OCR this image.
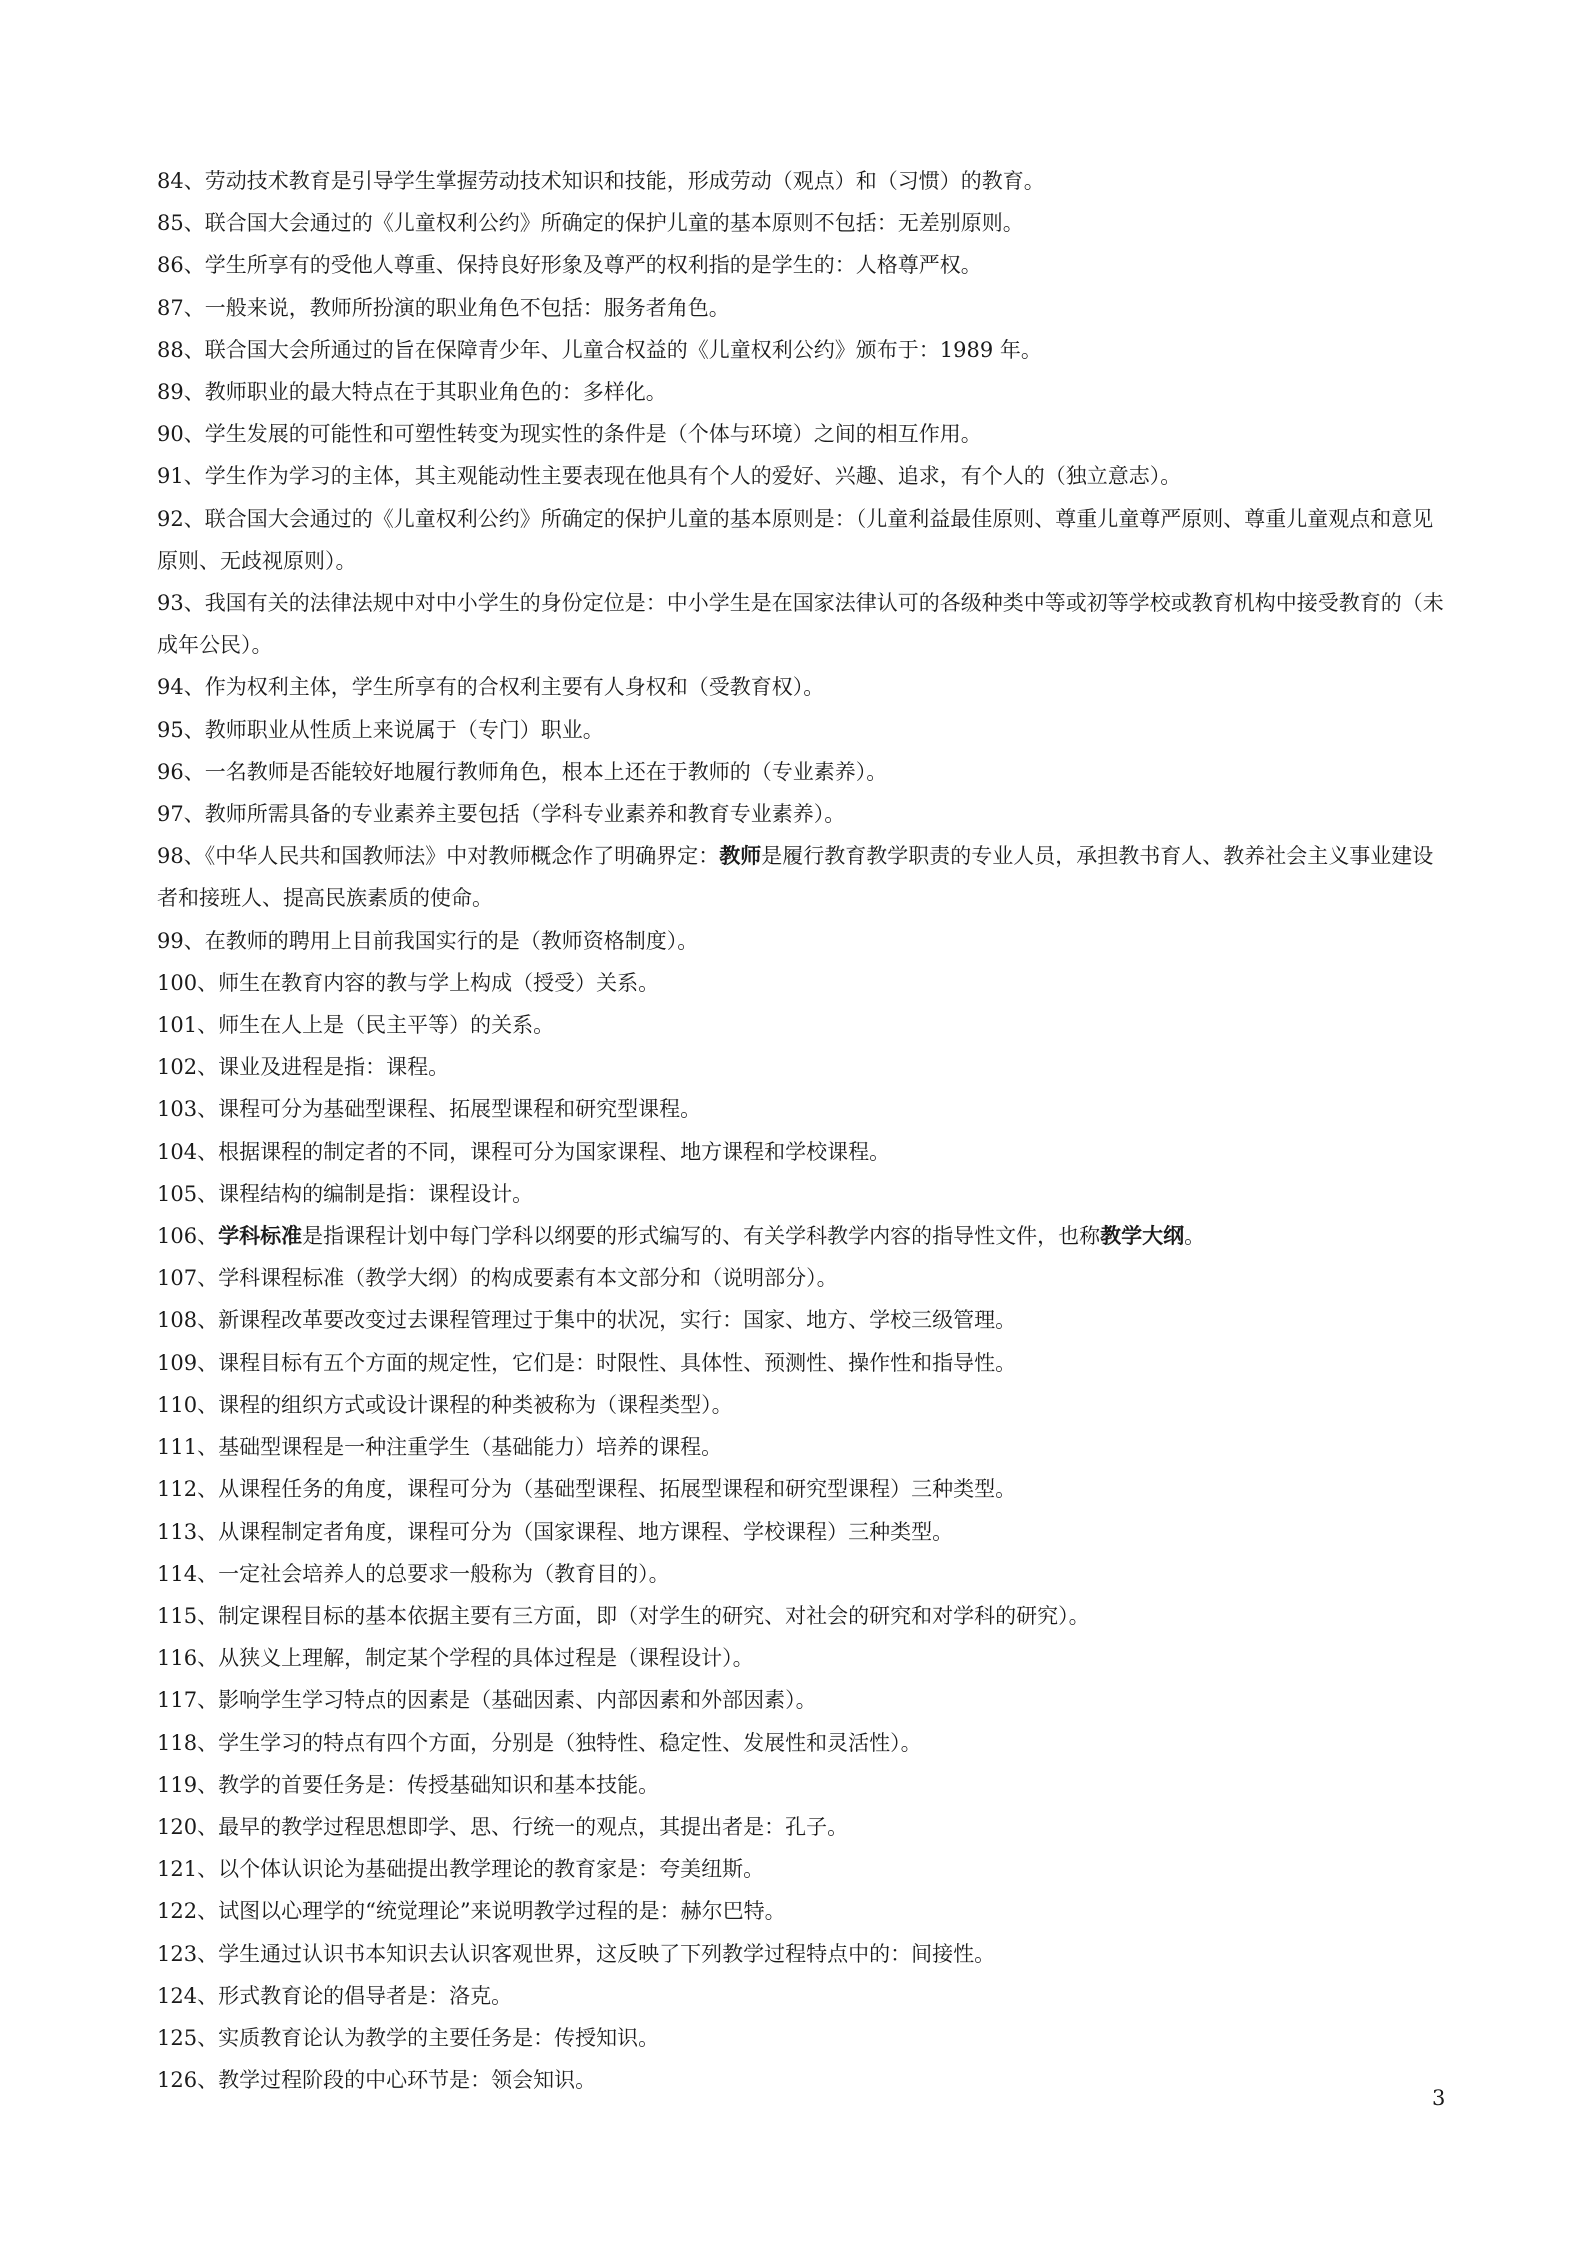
84、劳动技术教育是引导学生掌握劳动技术知识和技能，形成劳动（观点）和（习惯）的教育。
85、联合国大会通过的《儿童权利公约》所确定的保护儿童的基本原则不包括：无差别原则。
86、学生所享有的受他人尊重、保持良好形象及尊严的权利指的是学生的：人格尊严权。
87、一般来说，教师所扮演的职业角色不包括：服务者角色。
88、联合国大会所通过的旨在保障青少年、儿童合权益的《儿童权利公约》颁布于：1989 年。
89、教师职业的最大特点在于其职业角色的：多样化。
90、学生发展的可能性和可塑性转变为现实性的条件是（个体与环境）之间的相互作用。
91、学生作为学习的主体，其主观能动性主要表现在他具有个人的爱好、兴趣、追求，有个人的（独立意志）。
92、联合国大会通过的《儿童权利公约》所确定的保护儿童的基本原则是：（儿童利益最佳原则、尊重儿童尊严原则、尊重儿童观点和意见原则、无歧视原则）。
93、我国有关的法律法规中对中小学生的身份定位是：中小学生是在国家法律认可的各级种类中等或初等学校或教育机构中接受教育的（未成年公民）。
94、作为权利主体，学生所享有的合权利主要有人身权和（受教育权）。
95、教师职业从性质上来说属于（专门）职业。
96、一名教师是否能较好地履行教师角色，根本上还在于教师的（专业素养）。
97、教师所需具备的专业素养主要包括（学科专业素养和教育专业素养）。
98、《中华人民共和国教师法》中对教师概念作了明确界定：教师是履行教育教学职责的专业人员，承担教书育人、教养社会主义事业建设者和接班人、提高民族素质的使命。
99、在教师的聘用上目前我国实行的是（教师资格制度）。
100、师生在教育内容的教与学上构成（授受）关系。
101、师生在人上是（民主平等）的关系。
102、课业及进程是指：课程。
103、课程可分为基础型课程、拓展型课程和研究型课程。
104、根据课程的制定者的不同，课程可分为国家课程、地方课程和学校课程。
105、课程结构的编制是指：课程设计。
106、学科标准是指课程计划中每门学科以纲要的形式编写的、有关学科教学内容的指导性文件，也称教学大纲。
107、学科课程标准（教学大纲）的构成要素有本文部分和（说明部分）。
108、新课程改革要改变过去课程管理过于集中的状况，实行：国家、地方、学校三级管理。
109、课程目标有五个方面的规定性，它们是：时限性、具体性、预测性、操作性和指导性。
110、课程的组织方式或设计课程的种类被称为（课程类型）。
111、基础型课程是一种注重学生（基础能力）培养的课程。
112、从课程任务的角度，课程可分为（基础型课程、拓展型课程和研究型课程）三种类型。
113、从课程制定者角度，课程可分为（国家课程、地方课程、学校课程）三种类型。
114、一定社会培养人的总要求一般称为（教育目的）。
115、制定课程目标的基本依据主要有三方面，即（对学生的研究、对社会的研究和对学科的研究）。
116、从狭义上理解，制定某个学程的具体过程是（课程设计）。
117、影响学生学习特点的因素是（基础因素、内部因素和外部因素）。
118、学生学习的特点有四个方面，分别是（独特性、稳定性、发展性和灵活性）。
119、教学的首要任务是：传授基础知识和基本技能。
120、最早的教学过程思想即学、思、行统一的观点，其提出者是：孔子。
121、以个体认识论为基础提出教学理论的教育家是：夸美纽斯。
122、试图以心理学的“统觉理论”来说明教学过程的是：赫尔巴特。
123、学生通过认识书本知识去认识客观世界，这反映了下列教学过程特点中的：间接性。
124、形式教育论的倡导者是：洛克。
125、实质教育论认为教学的主要任务是：传授知识。
126、教学过程阶段的中心环节是：领会知识。
3
